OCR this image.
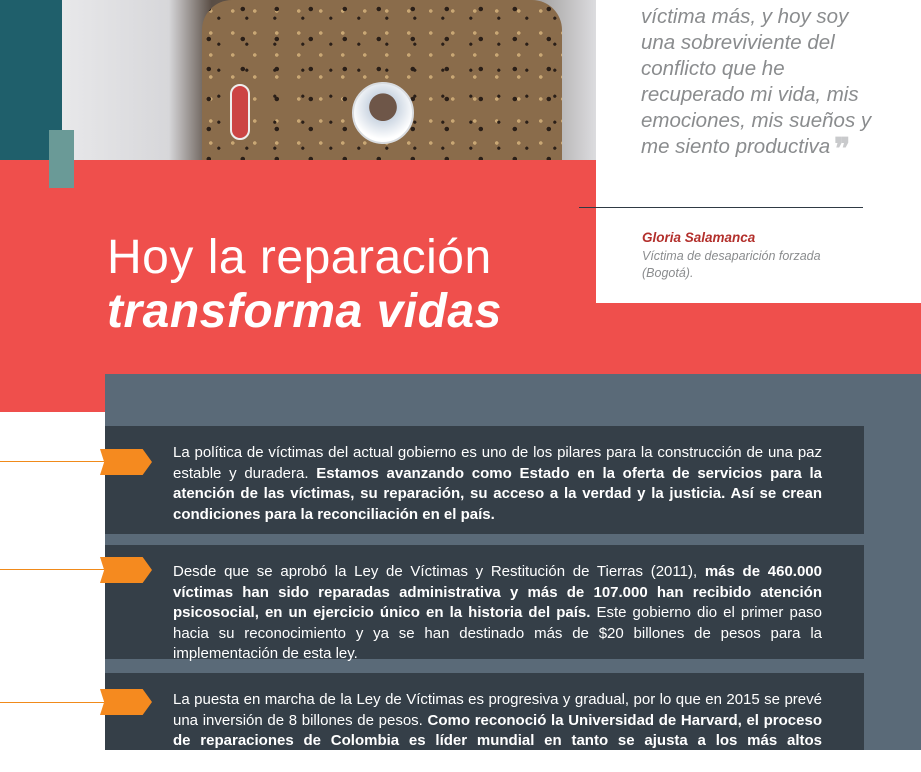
víctima más, y hoy soy una sobreviviente del conflicto que he recuperado mi vida, mis emociones, mis sueños y me siento productiva ❞

Gloria Salamanca
Víctima de desaparición forzada (Bogotá).
Hoy la reparación
transforma vidas
La política de víctimas del actual gobierno es uno de los pilares para la construcción de una paz estable y duradera. Estamos avanzando como Estado en la oferta de servicios para la atención de las víctimas, su reparación, su acceso a la verdad y la justicia. Así se crean condiciones para la reconciliación en el país.
Desde que se aprobó la Ley de Víctimas y Restitución de Tierras (2011), más de 460.000 víctimas han sido reparadas administrativa y más de 107.000 han recibido atención psicosocial, en un ejercicio único en la historia del país. Este gobierno dio el primer paso hacia su reconocimiento y ya se han destinado más de $20 billones de pesos para la implementación de esta ley.
La puesta en marcha de la Ley de Víctimas es progresiva y gradual, por lo que en 2015 se prevé una inversión de 8 billones de pesos. Como reconoció la Universidad de Harvard, el proceso de reparaciones de Colombia es líder mundial en tanto se ajusta a los más altos estándares internacionales. En mundo las reparaciones se tramitan.
